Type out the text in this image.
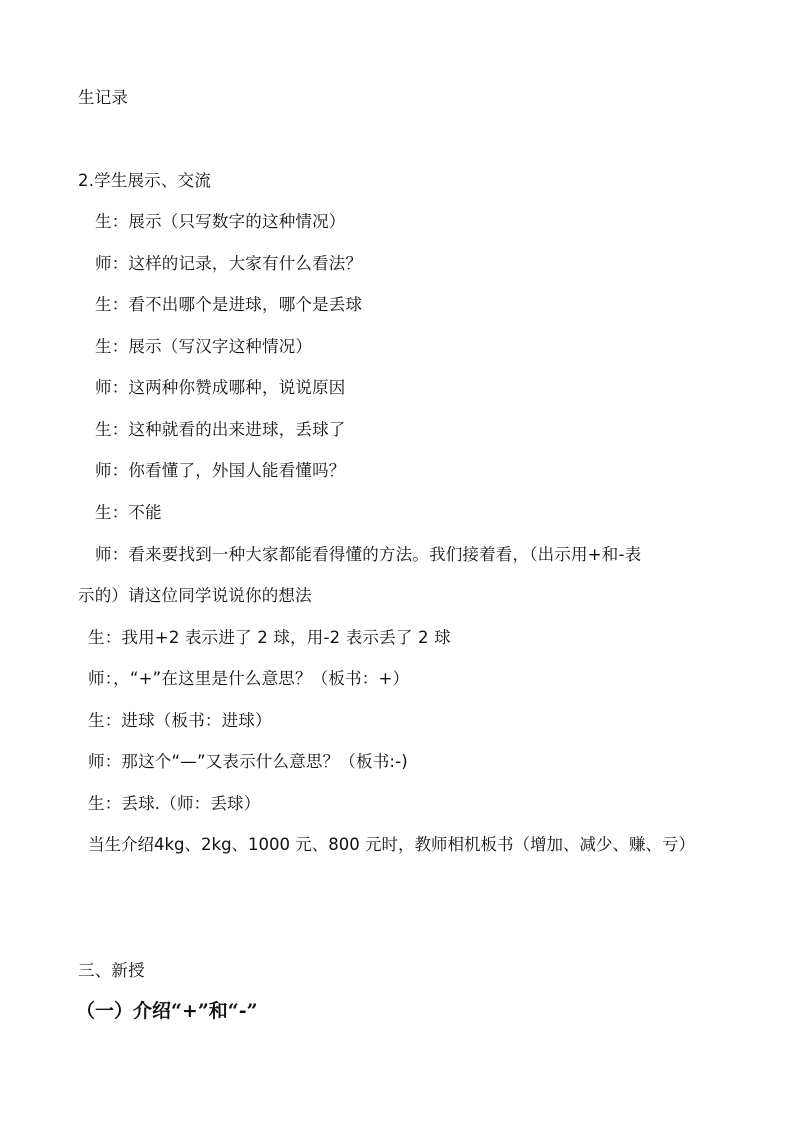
生记录
2.学生展示、交流
生：展示（只写数字的这种情况）
师：这样的记录，大家有什么看法？
生：看不出哪个是进球，哪个是丢球
生：展示（写汉字这种情况）
师：这两种你赞成哪种，说说原因
生：这种就看的出来进球，丢球了
师：你看懂了，外国人能看懂吗？
生：不能
师：看来要找到一种大家都能看得懂的方法。我们接着看，（出示用+和-表
示的）请这位同学说说你的想法
生：我用+2 表示进了 2 球，用-2 表示丢了 2 球
师：，“+”在这里是什么意思？（板书：+）
生：进球（板书：进球）
师：那这个“—”又表示什么意思？（板书:-)
生：丢球.（师：丢球）
当生介绍4kg、2kg、1000 元、800 元时，教师相机板书（增加、减少、赚、亏）
三、新授
（一）介绍“+”和“-”
